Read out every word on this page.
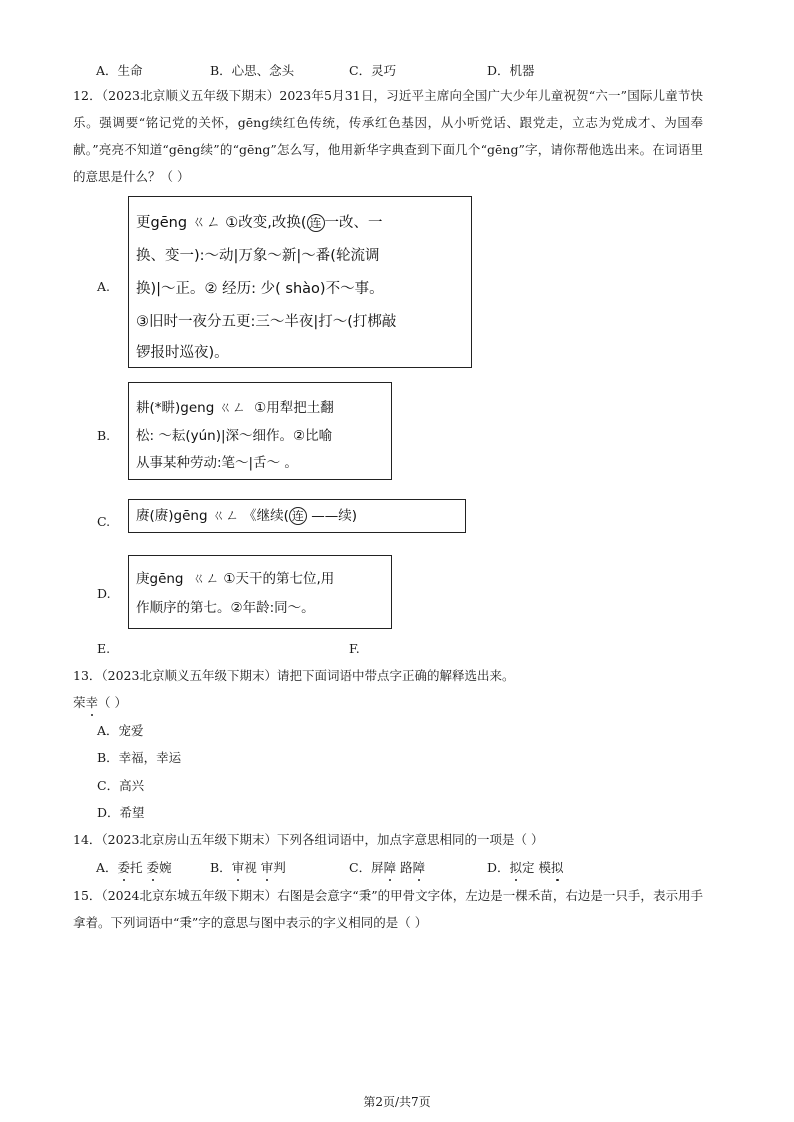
A．生命	B．心思、念头	C．灵巧	D．机器
12．（2023北京顺义五年级下期末）2023年5月31日，习近平主席向全国广大少年儿童祝贺“六一”国际儿童节快乐。强调要“铭记党的关怀，gēng续红色传统，传承红色基因，从小听党话、跟党走，立志为党成才、为国奉献。”亮亮不知道“gēng续”的“gēng”怎么写，他用新华字典查到下面几个“gēng”字，请你帮他选出来。在词语里的意思是什么？（ ）
A.
更gēng ㄍㄥ ①改变,改换( 连 一改、一
换、变一):～动|万象～新|～番(轮流调
换)|～正。② 经历: 少( shào)不～事。
③旧时一夜分五更:三～半夜|打～(打梆敲
锣报时巡夜)。
B.
耕(*畊)geng ㄍㄥ  ①用犁把土翻
松: ～耘(yún)|深～细作。②比喻
从事某种劳动:笔～|舌～ 。
C. 赓(赓)gēng ㄍㄥ 《继续( 连 ——续)
D.
庚gēng  ㄍㄥ ①天干的第七位,用
作顺序的第七。②年龄:同～。
E.	F.
13．（2023北京顺义五年级下期末）请把下面词语中带点字正确的解释选出来。
荣幸（ ）
A．宠爱
B．幸福，幸运
C．高兴
D．希望
14．（2023北京房山五年级下期末）下列各组词语中，加点字意思相同的一项是（ ）
A．委托 委婉	B．审视 审判	C．屏障 路障	D．拟定 模拟
15．（2024北京东城五年级下期末）右图是会意字“秉”的甲骨文字体，左边是一棵禾苗，右边是一只手，表示用手拿着。下列词语中“秉”字的意思与图中表示的字义相同的是（ ）
第2页/共7页
